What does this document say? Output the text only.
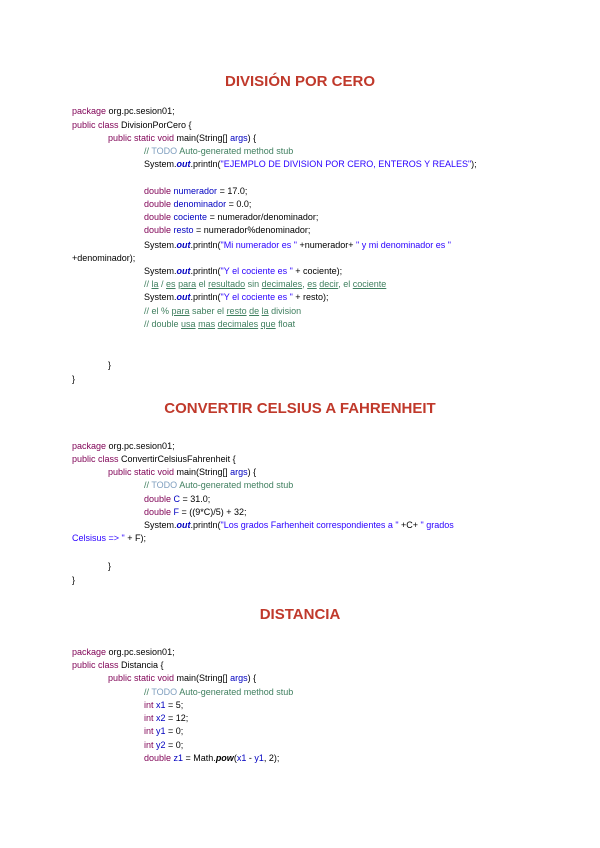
DIVISIÓN POR CERO
package org.pc.sesion01;
public class DivisionPorCero {
public static void main(String[] args) {
// TODO Auto-generated method stub
System.out.println("EJEMPLO DE DIVISION POR CERO, ENTEROS Y REALES");
double numerador = 17.0;
double denominador = 0.0;
double cociente = numerador/denominador;
double resto = numerador%denominador;
System.out.println("Mi numerador es " +numerador+ " y mi denominador es "
+denominador);
System.out.println("Y el cociente es " + cociente);
// la / es para el resultado sin decimales, es decir, el cociente
System.out.println("Y el cociente es " + resto);
// el % para saber el resto de la division
// double usa mas decimales que float
}
}
CONVERTIR CELSIUS A FAHRENHEIT
package org.pc.sesion01;
public class ConvertirCelsiusFahrenheit {
public static void main(String[] args) {
// TODO Auto-generated method stub
double C = 31.0;
double F = ((9*C)/5) + 32;
System.out.println("Los grados Farhenheit correspondientes a " +C+ " grados
Celsisus => " + F);
}
}
DISTANCIA
package org.pc.sesion01;
public class Distancia {
public static void main(String[] args) {
// TODO Auto-generated method stub
int x1 = 5;
int x2 = 12;
int y1 = 0;
int y2 = 0;
double z1 = Math.pow(x1 - y1, 2);
